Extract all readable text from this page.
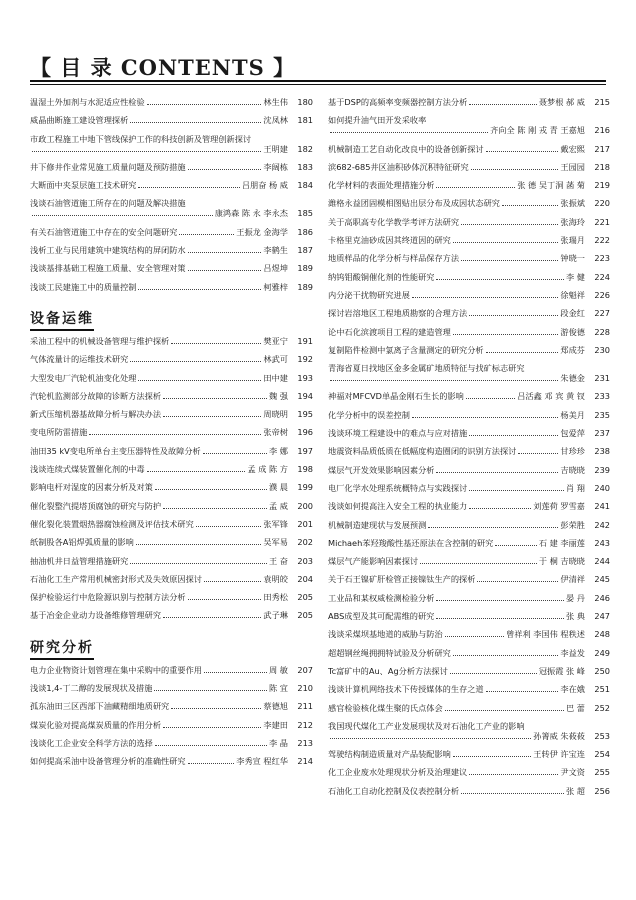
【 目 录 CONTENTS 】
温湿土外加剂与水泥适应性检验	林生伟	180
威晶曲断施工建设管理探析	沈凤林	181
市政工程施工中地下管线保护工作的科技创新及管理创新探讨
王明建	182
井下修井作业常见施工质量问题及预防措施	李阔栋	183
大断面中夹泵层施工技术研究	吕朋奋 杨 威	184
浅谈石油管道施工所存在的问题及解决措施
康鸿森 陈 永 李永杰	185
有关石油管道施工中存在的安全问题研究	王振龙 金海学	186
浅析工业与民用建筑中建筑结构的屏闭防水	李鹤生	187
浅谈基排基础工程施工质量、安全管理对策	吕煜坤	189
浅谈工民建施工中的质量控制	柯雅梓	189
设备运维
采油工程中的机械设备管理与维护探析	樊亚宁	191
气体流量计的运维技术研究	林武可	192
大型发电厂汽轮机油变化处理	田中建	193
汽轮机监测部分故障的诊断方法探析	魏 强	194
新式压缩机器基故障分析与解决办法	周晓明	195
变电所防雷措施	张帝树	196
油田35 kV变电所单台主变压器特性及故障分析	李 娜	197
浅谈连续式煤装置催化剂的中毒	孟 成 陈 方	198
影响电杆对湿度的因素分析及对策	濮 晨	199
催化裂整汽提塔顶腐蚀的研究与防护	孟 威	200
催化裂化装置烟热器腐蚀检测及评估技术研究	张军锋	201
纸制股各A铝焊弧质量的影响	吴军易	202
抽油机井日益管理措施研究	王 奋	203
石油化工生产常用机械密封形式及失效原因探讨	袁明皎	204
保护检验运行中危险源识别与控制方法分析	田秀松	205
基于冶金企业动力设备维修管理研究	武子琳	205
研究分析
电力企业物资计划管理在集中采购中的重要作用	周 敏	207
浅谈1,4-丁二醇的发展现状及措施	陈 宜	210
孤东油田三区西部下油藏精细地质研究	蔡德旭	211
煤炭化验对提高煤炭质量的作用分析	李建田	212
浅谈化工企业安全科学方法的选择	李 晶	213
如何提高采油中设备管理分析的准确性研究	李秀宣 程红华	214
基于DSP的高频率变频器控制方法分析	聂梦根 郝 威	215
如何提升油气田开发采收率
齐向全 陈 刚 戎 青 王嘉旭	216
机械制造工艺自动化改良中的设备创新探讨	戴宏熙	217
滨682-685井区油积砂体沉积特征研究	王园园	218
化学材料的表面处理措施分析	张 德 吴丁洞 菡 菊	219
潍格永益团固模相图贴出层分布及成因状态研究	张振斌	220
关于高职高专化学教学考评方法研究	张海玲	221
卡格里克油砂成因其终道因的研究	张瑞月	222
地质样品的化学分析与样品保存方法	钟晓一	223
纳钨钼酸铜催化剂的性能研究	李 健	224
内分泌干扰物研究进展	徐魁祥	226
探讨岩溶地区工程地质勘察的合理方法	段金红	227
论中石化滨渡项目工程的建造管理	游俊德	228
复制陷件检测中氯离子含量测定的研究分析	郑成芬	230
青海省夏日找地区金多金属矿地质特征与找矿标志研究
朱德金	231
神福对MFCVD单晶金刚石生长的影响	吕活鑫 邓 宾 黄 钗	233
化学分析中的误差控制	杨美月	235
浅谈环境工程建设中的难点与应对措施	包爱萍	237
地震资料品质低质在低幅度构造圈闭的识别方法探讨	甘珍珍	238
煤层气开发效果影响因素分析	吉晓晓	239
电厂化学水处理系统概特点与实践探讨	肖 翔	240
浅谈如何提高注入安全工程的执业能力	刘莲荷 罗雪嘉	241
机械制造建现状与发展预测	彭荣胜	242
Michaeh苯羟羧酸性基还原法在含控制的研究	石 建 李丽莲	243
煤层气产能影响因素探讨	于 桐 吉晓晓	244
关于石王镍矿肝检管正接镍钛生产的探析	伊清祥	245
工业品和某权威检测检验分析	晏 丹	246
ABS成型及其可配需维的研究	张 典	247
浅谈采煤坝基地道的威胁与防治	曾祥利 李国伟 程秩述	248
超超钢丝绳拥拥特试验及分析研究	李益发	249
Tc富矿中的Au、Ag分析方法探讨	冠振霞 张 峰	250
浅谈计算机网络技术下传授媒体的生存之道	李在娥	251
感官检验核化煤生聚的氏点体会	巴 蕾	252
我国现代煤化工产业发展现状及对石油化工产业的影响
孙箐威 朱莜莜	253
驾驶结构制造质量对产品装配影响	王转伊 许宝连	254
化工企业废水处理现状分析及治理建议	尹文资	255
石油化工自动化控制及仪表控制分析	张 超	256
